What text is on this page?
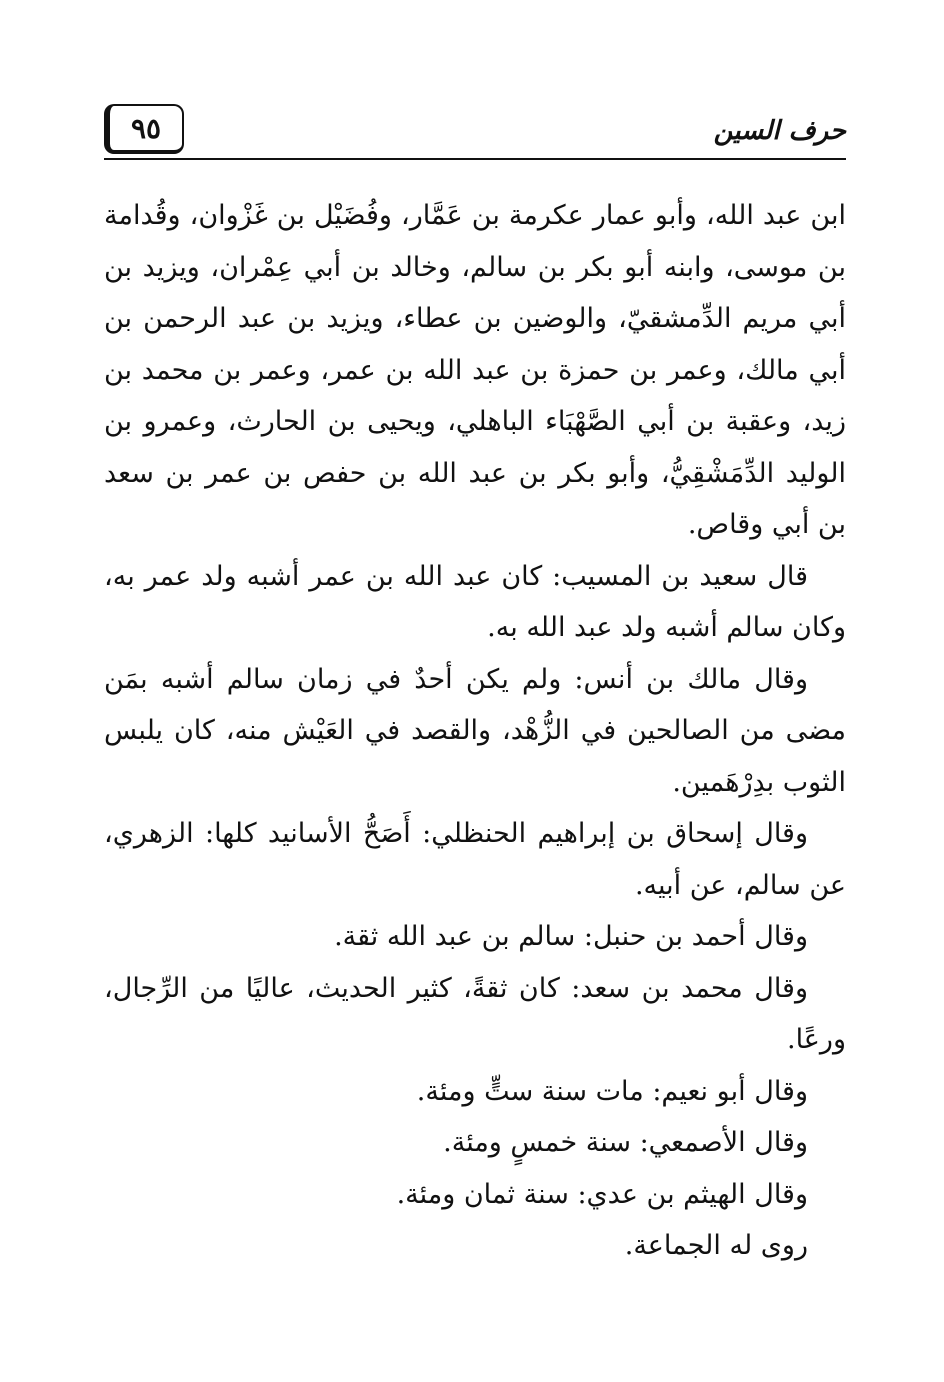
٩٥	حرف السين

ابن عبد الله، وأبو عمار عكرمة بن عَمَّار، وفُضَيْل بن غَزْوان، وقُدامة بن موسى، وابنه أبو بكر بن سالم، وخالد بن أبي عِمْران، ويزيد بن أبي مريم الدِّمشقيّ، والوضين بن عطاء، ويزيد بن عبد الرحمن بن أبي مالك، وعمر بن حمزة بن عبد الله بن عمر، وعمر بن محمد بن زيد، وعقبة بن أبي الصَّهْبَاء الباهلي، ويحيى بن الحارث، وعمرو بن الوليد الدِّمَشْقِيُّ، وأبو بكر بن عبد الله بن حفص بن عمر بن سعد بن أبي وقاص.

قال سعيد بن المسيب: كان عبد الله بن عمر أشبه ولد عمر به، وكان سالم أشبه ولد عبد الله به.

وقال مالك بن أنس: ولم يكن أحدٌ في زمان سالم أشبه بمَن مضى من الصالحين في الزُّهْد، والقصد في العَيْش منه، كان يلبس الثوب بدِرْهَمين.

وقال إسحاق بن إبراهيم الحنظلي: أَصَحُّ الأسانيد كلها: الزهري، عن سالم، عن أبيه.

وقال أحمد بن حنبل: سالم بن عبد الله ثقة.

وقال محمد بن سعد: كان ثقةً، كثير الحديث، عاليًا من الرِّجال، ورعًا.

وقال أبو نعيم: مات سنة ستٍّ ومئة.

وقال الأصمعي: سنة خمسٍ ومئة.

وقال الهيثم بن عدي: سنة ثمان ومئة.

روى له الجماعة.
